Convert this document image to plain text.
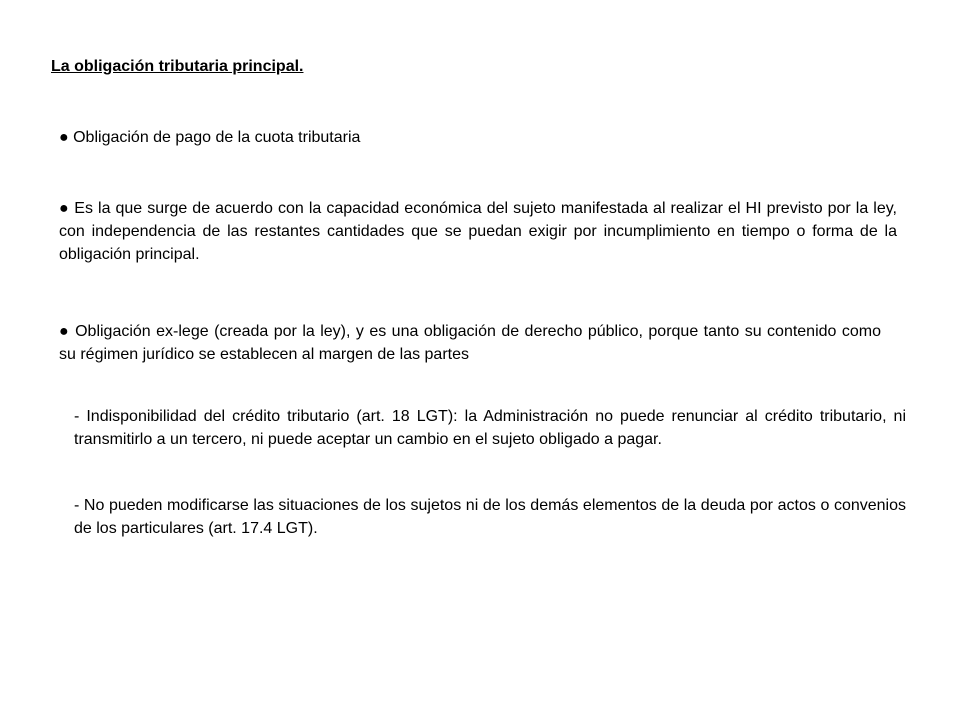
La obligación tributaria principal.
● Obligación de pago de la cuota tributaria
● Es la que surge de acuerdo con la capacidad económica del sujeto manifestada al realizar el HI previsto por la ley, con independencia de las restantes cantidades que se puedan exigir por incumplimiento en tiempo o forma de la obligación principal.
● Obligación ex-lege (creada por la ley), y es una obligación de derecho público, porque tanto su contenido como su régimen jurídico se establecen al margen de las partes
- Indisponibilidad del crédito tributario (art. 18 LGT): la Administración no puede renunciar al crédito tributario, ni transmitirlo a un tercero, ni puede aceptar un cambio en el sujeto obligado a pagar.
- No pueden modificarse las situaciones de los sujetos ni de los demás elementos de la deuda por actos o convenios de los particulares (art. 17.4 LGT).
